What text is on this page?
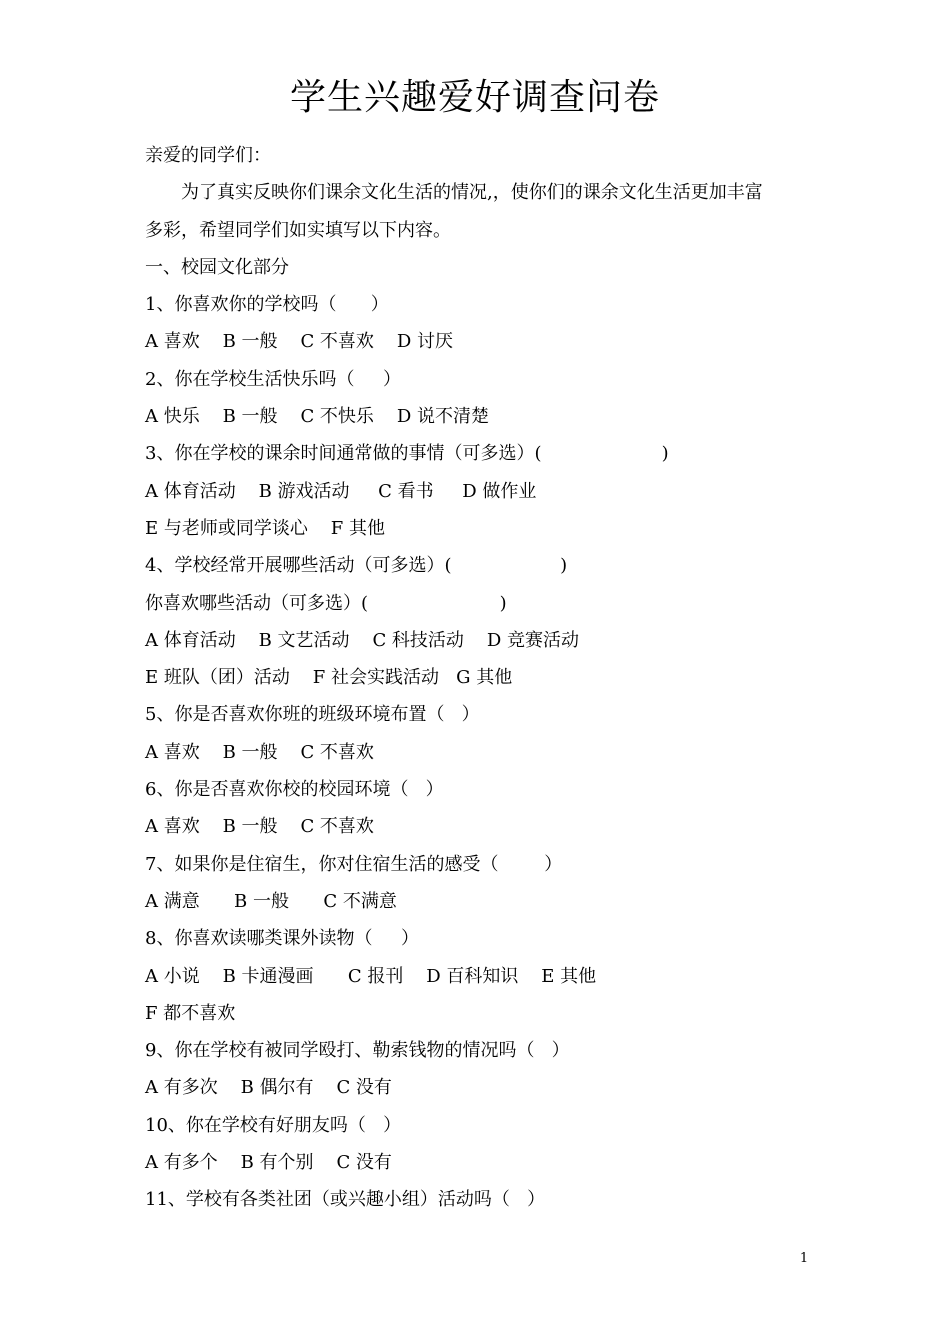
学生兴趣爱好调查问卷
亲爱的同学们：
为了真实反映你们课余文化生活的情况,，使你们的课余文化生活更加丰富
多彩，希望同学们如实填写以下内容。
一、校园文化部分
1、你喜欢你的学校吗（      ）
A 喜欢    B 一般    C 不喜欢    D 讨厌
2、你在学校生活快乐吗（     ）
A 快乐    B 一般    C 不快乐    D 说不清楚
3、你在学校的课余时间通常做的事情（可多选）(                     )
A 体育活动    B 游戏活动     C 看书     D 做作业
E 与老师或同学谈心    F 其他
4、学校经常开展哪些活动（可多选）(                   )
你喜欢哪些活动（可多选）(                       )
A 体育活动    B 文艺活动    C 科技活动    D 竞赛活动
E 班队（团）活动    F 社会实践活动   G 其他
5、你是否喜欢你班的班级环境布置（   ）
A 喜欢    B 一般    C 不喜欢
6、你是否喜欢你校的校园环境（   ）
A 喜欢    B 一般    C 不喜欢
7、如果你是住宿生，你对住宿生活的感受（        ）
A 满意      B 一般      C 不满意
8、你喜欢读哪类课外读物（     ）
A 小说    B 卡通漫画      C 报刊    D 百科知识    E 其他
F 都不喜欢
9、你在学校有被同学殴打、勒索钱物的情况吗（   ）
A 有多次    B 偶尔有    C 没有
10、你在学校有好朋友吗（   ）
A 有多个    B 有个别    C 没有
11、学校有各类社团（或兴趣小组）活动吗（   ）
1
